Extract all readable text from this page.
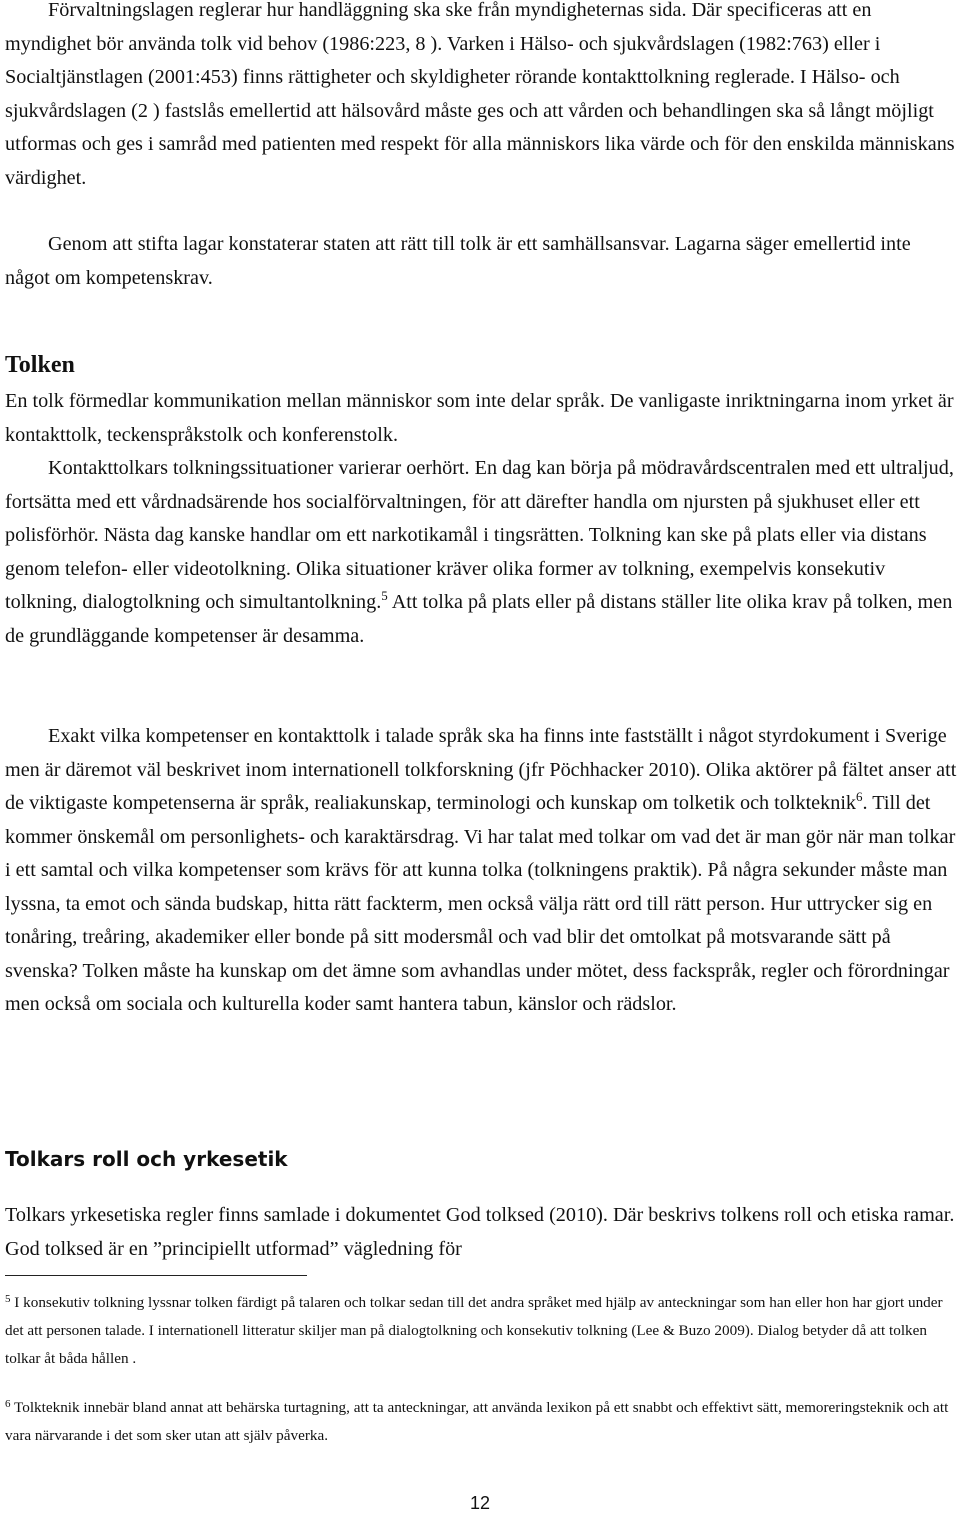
Förvaltningslagen reglerar hur handläggning ska ske från myndigheternas sida. Där specificeras att en myndighet bör använda tolk vid behov (1986:223, 8 ). Varken i Hälso- och sjukvårdslagen (1982:763) eller i Socialtjänstlagen (2001:453) finns rättigheter och skyldigheter rörande kontakttolkning reglerade. I Hälso- och sjukvårdslagen (2 ) fastslås emellertid att hälsovård måste ges och att vården och behandlingen ska så långt möjligt utformas och ges i samråd med patienten med respekt för alla människors lika värde och för den enskilda människans värdighet.

Genom att stifta lagar konstaterar staten att rätt till tolk är ett samhällsansvar. Lagarna säger emellertid inte något om kompetenskrav.

Tolken

En tolk förmedlar kommunikation mellan människor som inte delar språk. De vanligaste inriktningarna inom yrket är kontakttolk, teckenspråkstolk och konferenstolk.

Kontakttolkars tolkningssituationer varierar oerhört. En dag kan börja på mödravårdscentralen med ett ultraljud, fortsätta med ett vårdnadsärende hos socialförvaltningen, för att därefter handla om njursten på sjukhuset eller ett polisförhör. Nästa dag kanske handlar om ett narkotikamål i tingsrätten. Tolkning kan ske på plats eller via distans genom telefon- eller videotolkning. Olika situationer kräver olika former av tolkning, exempelvis konsekutiv tolkning, dialogtolkning och simultantolkning.$^5$ Att tolka på plats eller på distans ställer lite olika krav på tolken, men de grundläggande kompetenser är desamma.

Exakt vilka kompetenser en kontakttolk i talade språk ska ha finns inte fastställt i något styrdokument i Sverige men är däremot väl beskrivet inom internationell tolkforskning (jfr Pöchhacker 2010). Olika aktörer på fältet anser att de viktigaste kompetenserna är språk, realiakunskap, terminologi och kunskap om tolketik och tolkteknik$^6$. Till det kommer önskemål om personlighets- och karaktärsdrag. Vi har talat med tolkar om vad det är man gör när man tolkar i ett samtal och vilka kompetenser som krävs för att kunna tolka (tolkningens praktik). På några sekunder måste man lyssna, ta emot och sända budskap, hitta rätt fackterm, men också välja rätt ord till rätt person. Hur uttrycker sig en tonåring, treåring, akademiker eller bonde på sitt modersmål och vad blir det omtolkat på motsvarande sätt på svenska? Tolken måste ha kunskap om det ämne som avhandlas under mötet, dess fackspråk, regler och förordningar men också om sociala och kulturella koder samt hantera tabun, känslor och rädslor.

Tolkars roll och yrkesetik

Tolkars yrkesetiska regler finns samlade i dokumentet God tolksed (2010). Där beskrivs tolkens roll och etiska ramar. God tolksed är en ”principiellt utformad” vägledning för

$^5$ I konsekutiv tolkning lyssnar tolken färdigt på talaren och tolkar sedan till det andra språket med hjälp av anteckningar som han eller hon har gjort under det att personen talade. I internationell litteratur skiljer man på dialogtolkning och konsekutiv tolkning (Lee & Buzo 2009). Dialog betyder då att tolken tolkar åt båda hållen .

$^6$ Tolkteknik innebär bland annat att behärska turtagning, att ta anteckningar, att använda lexikon på ett snabbt och effektivt sätt, memoreringsteknik och att vara närvarande i det som sker utan att själv påverka.

12
